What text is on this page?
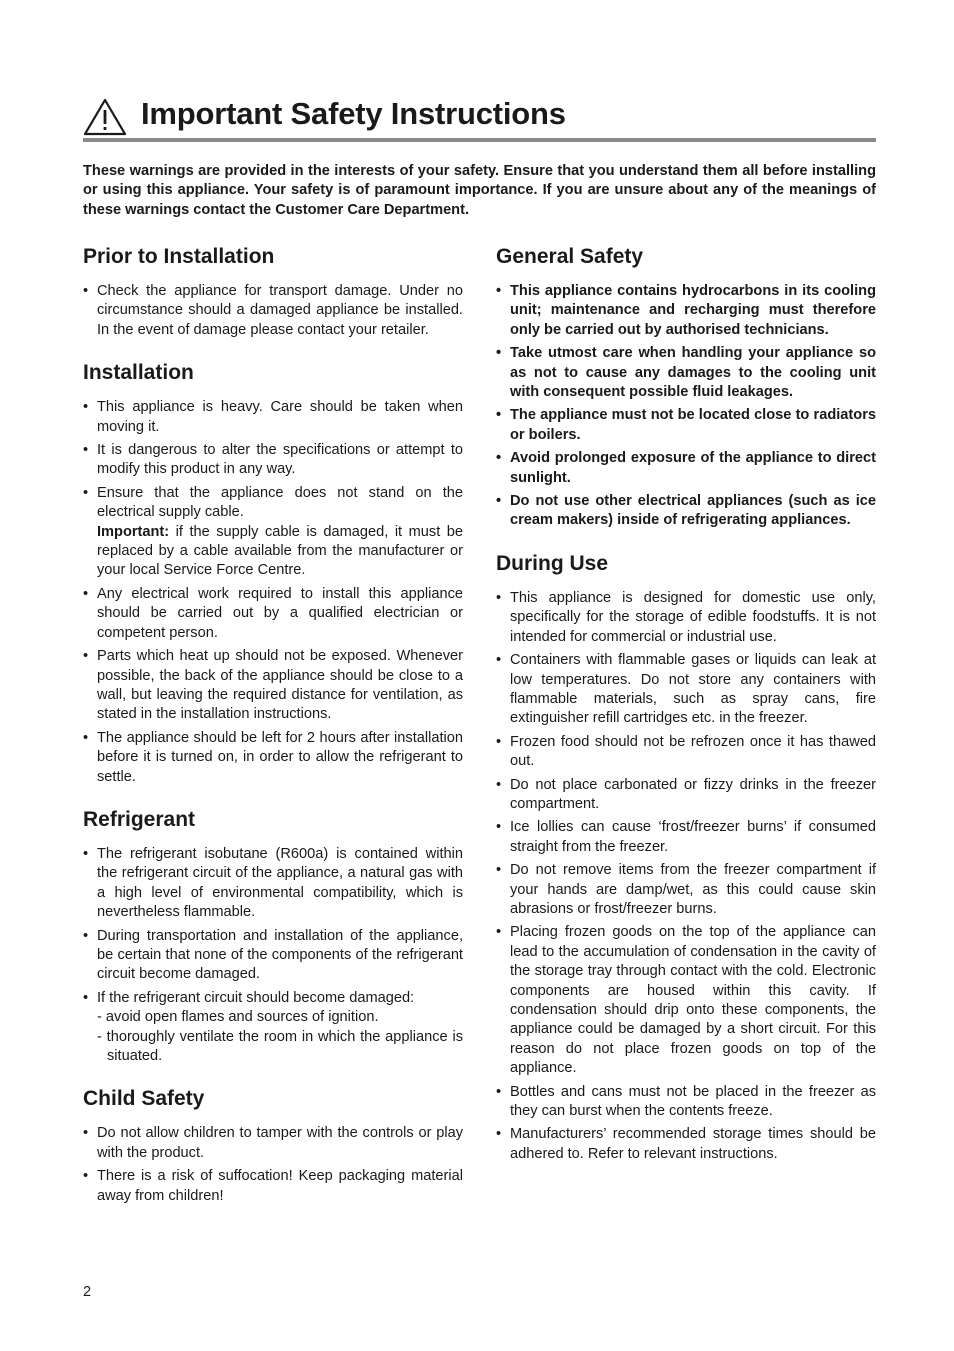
Important Safety Instructions

These warnings are provided in the interests of your safety. Ensure that you understand them all before installing or using this appliance. Your safety is of paramount importance. If you are unsure about any of the meanings of these warnings contact the Customer Care Department.

Prior to Installation
• Check the appliance for transport damage. Under no circumstance should a damaged appliance be installed. In the event of damage please contact your retailer.
Installation
• This appliance is heavy. Care should be taken when moving it.
• It is dangerous to alter the specifications or attempt to modify this product in any way.
• Ensure that the appliance does not stand on the electrical supply cable.
Important: if the supply cable is damaged, it must be replaced by a cable available from the manufacturer or your local Service Force Centre.
• Any electrical work required to install this appliance should be carried out by a qualified electrician or competent person.
• Parts which heat up should not be exposed. Whenever possible, the back of the appliance should be close to a wall, but leaving the required distance for ventilation, as stated in the installation instructions.
• The appliance should be left for 2 hours after installation before it is turned on, in order to allow the refrigerant to settle.
Refrigerant
• The refrigerant isobutane (R600a) is contained within the refrigerant circuit of the appliance, a natural gas with a high level of environmental compatibility, which is nevertheless flammable.
• During transportation and installation of the appliance, be certain that none of the components of the refrigerant circuit become damaged.
• If the refrigerant circuit should become damaged:
- avoid open flames and sources of ignition.
- thoroughly ventilate the room in which the appliance is situated.
Child Safety
• Do not allow children to tamper with the controls or play with the product.
• There is a risk of suffocation! Keep packaging material away from children!
General Safety
• This appliance contains hydrocarbons in its cooling unit; maintenance and recharging must therefore only be carried out by authorised technicians.
• Take utmost care when handling your appliance so as not to cause any damages to the cooling unit with consequent possible fluid leakages.
• The appliance must not be located close to radiators or boilers.
• Avoid prolonged exposure of the appliance to direct sunlight.
• Do not use other electrical appliances (such as ice cream makers) inside of refrigerating appliances.
During Use
• This appliance is designed for domestic use only, specifically for the storage of edible foodstuffs. It is not intended for commercial or industrial use.
• Containers with flammable gases or liquids can leak at low temperatures. Do not store any containers with flammable materials, such as spray cans, fire extinguisher refill cartridges etc. in the freezer.
• Frozen food should not be refrozen once it has thawed out.
• Do not place carbonated or fizzy drinks in the freezer compartment.
• Ice lollies can cause ‘frost/freezer burns’ if consumed straight from the freezer.
• Do not remove items from the freezer compartment if your hands are damp/wet, as this could cause skin abrasions or frost/freezer burns.
• Placing frozen goods on the top of the appliance can lead to the accumulation of condensation in the cavity of the storage tray through contact with the cold. Electronic components are housed within this cavity. If condensation should drip onto these components, the appliance could be damaged by a short circuit. For this reason do not place frozen goods on top of the appliance.
• Bottles and cans must not be placed in the freezer as they can burst when the contents freeze.
• Manufacturers’ recommended storage times should be adhered to. Refer to relevant instructions.
2
